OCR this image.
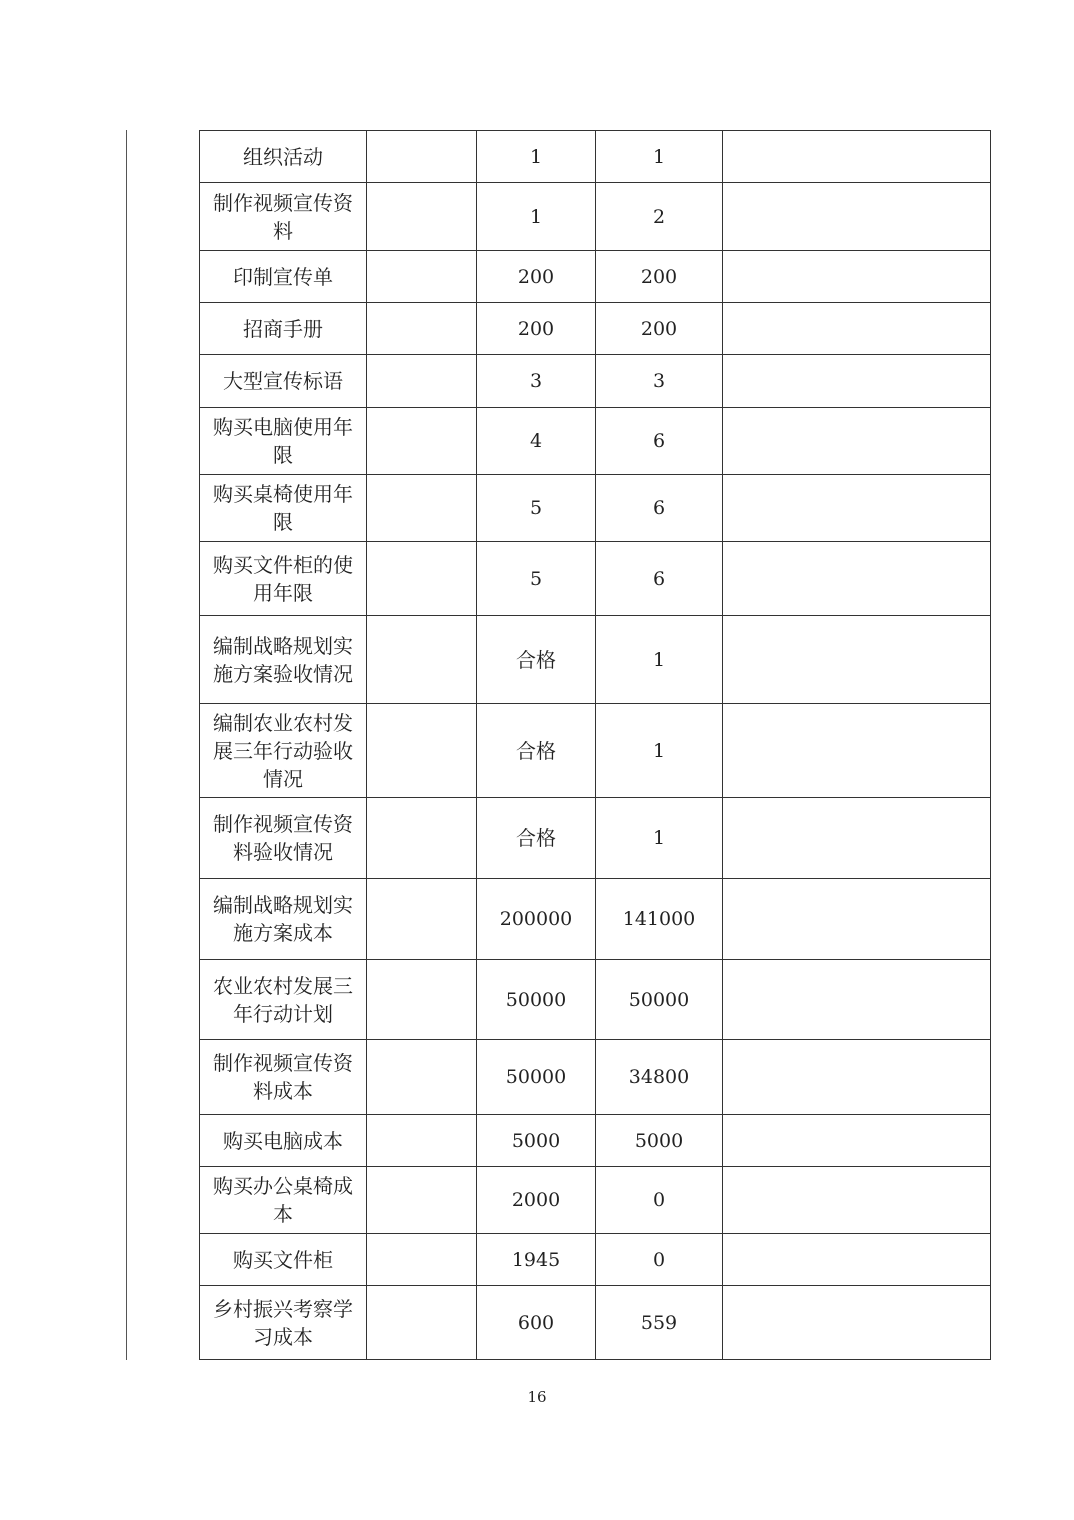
组织活动		1	1	
制作视频宣传资料		1	2	
印制宣传单		200	200	
招商手册		200	200	
大型宣传标语		3	3	
购买电脑使用年限		4	6	
购买桌椅使用年限		5	6	
购买文件柜的使用年限		5	6	
编制战略规划实施方案验收情况		合格	1	
编制农业农村发展三年行动验收情况		合格	1	
制作视频宣传资料验收情况		合格	1	
编制战略规划实施方案成本		200000	141000	
农业农村发展三年行动计划		50000	50000	
制作视频宣传资料成本		50000	34800	
购买电脑成本		5000	5000	
购买办公桌椅成本		2000	0	
购买文件柜		1945	0	
乡村振兴考察学习成本		600	559	
16
